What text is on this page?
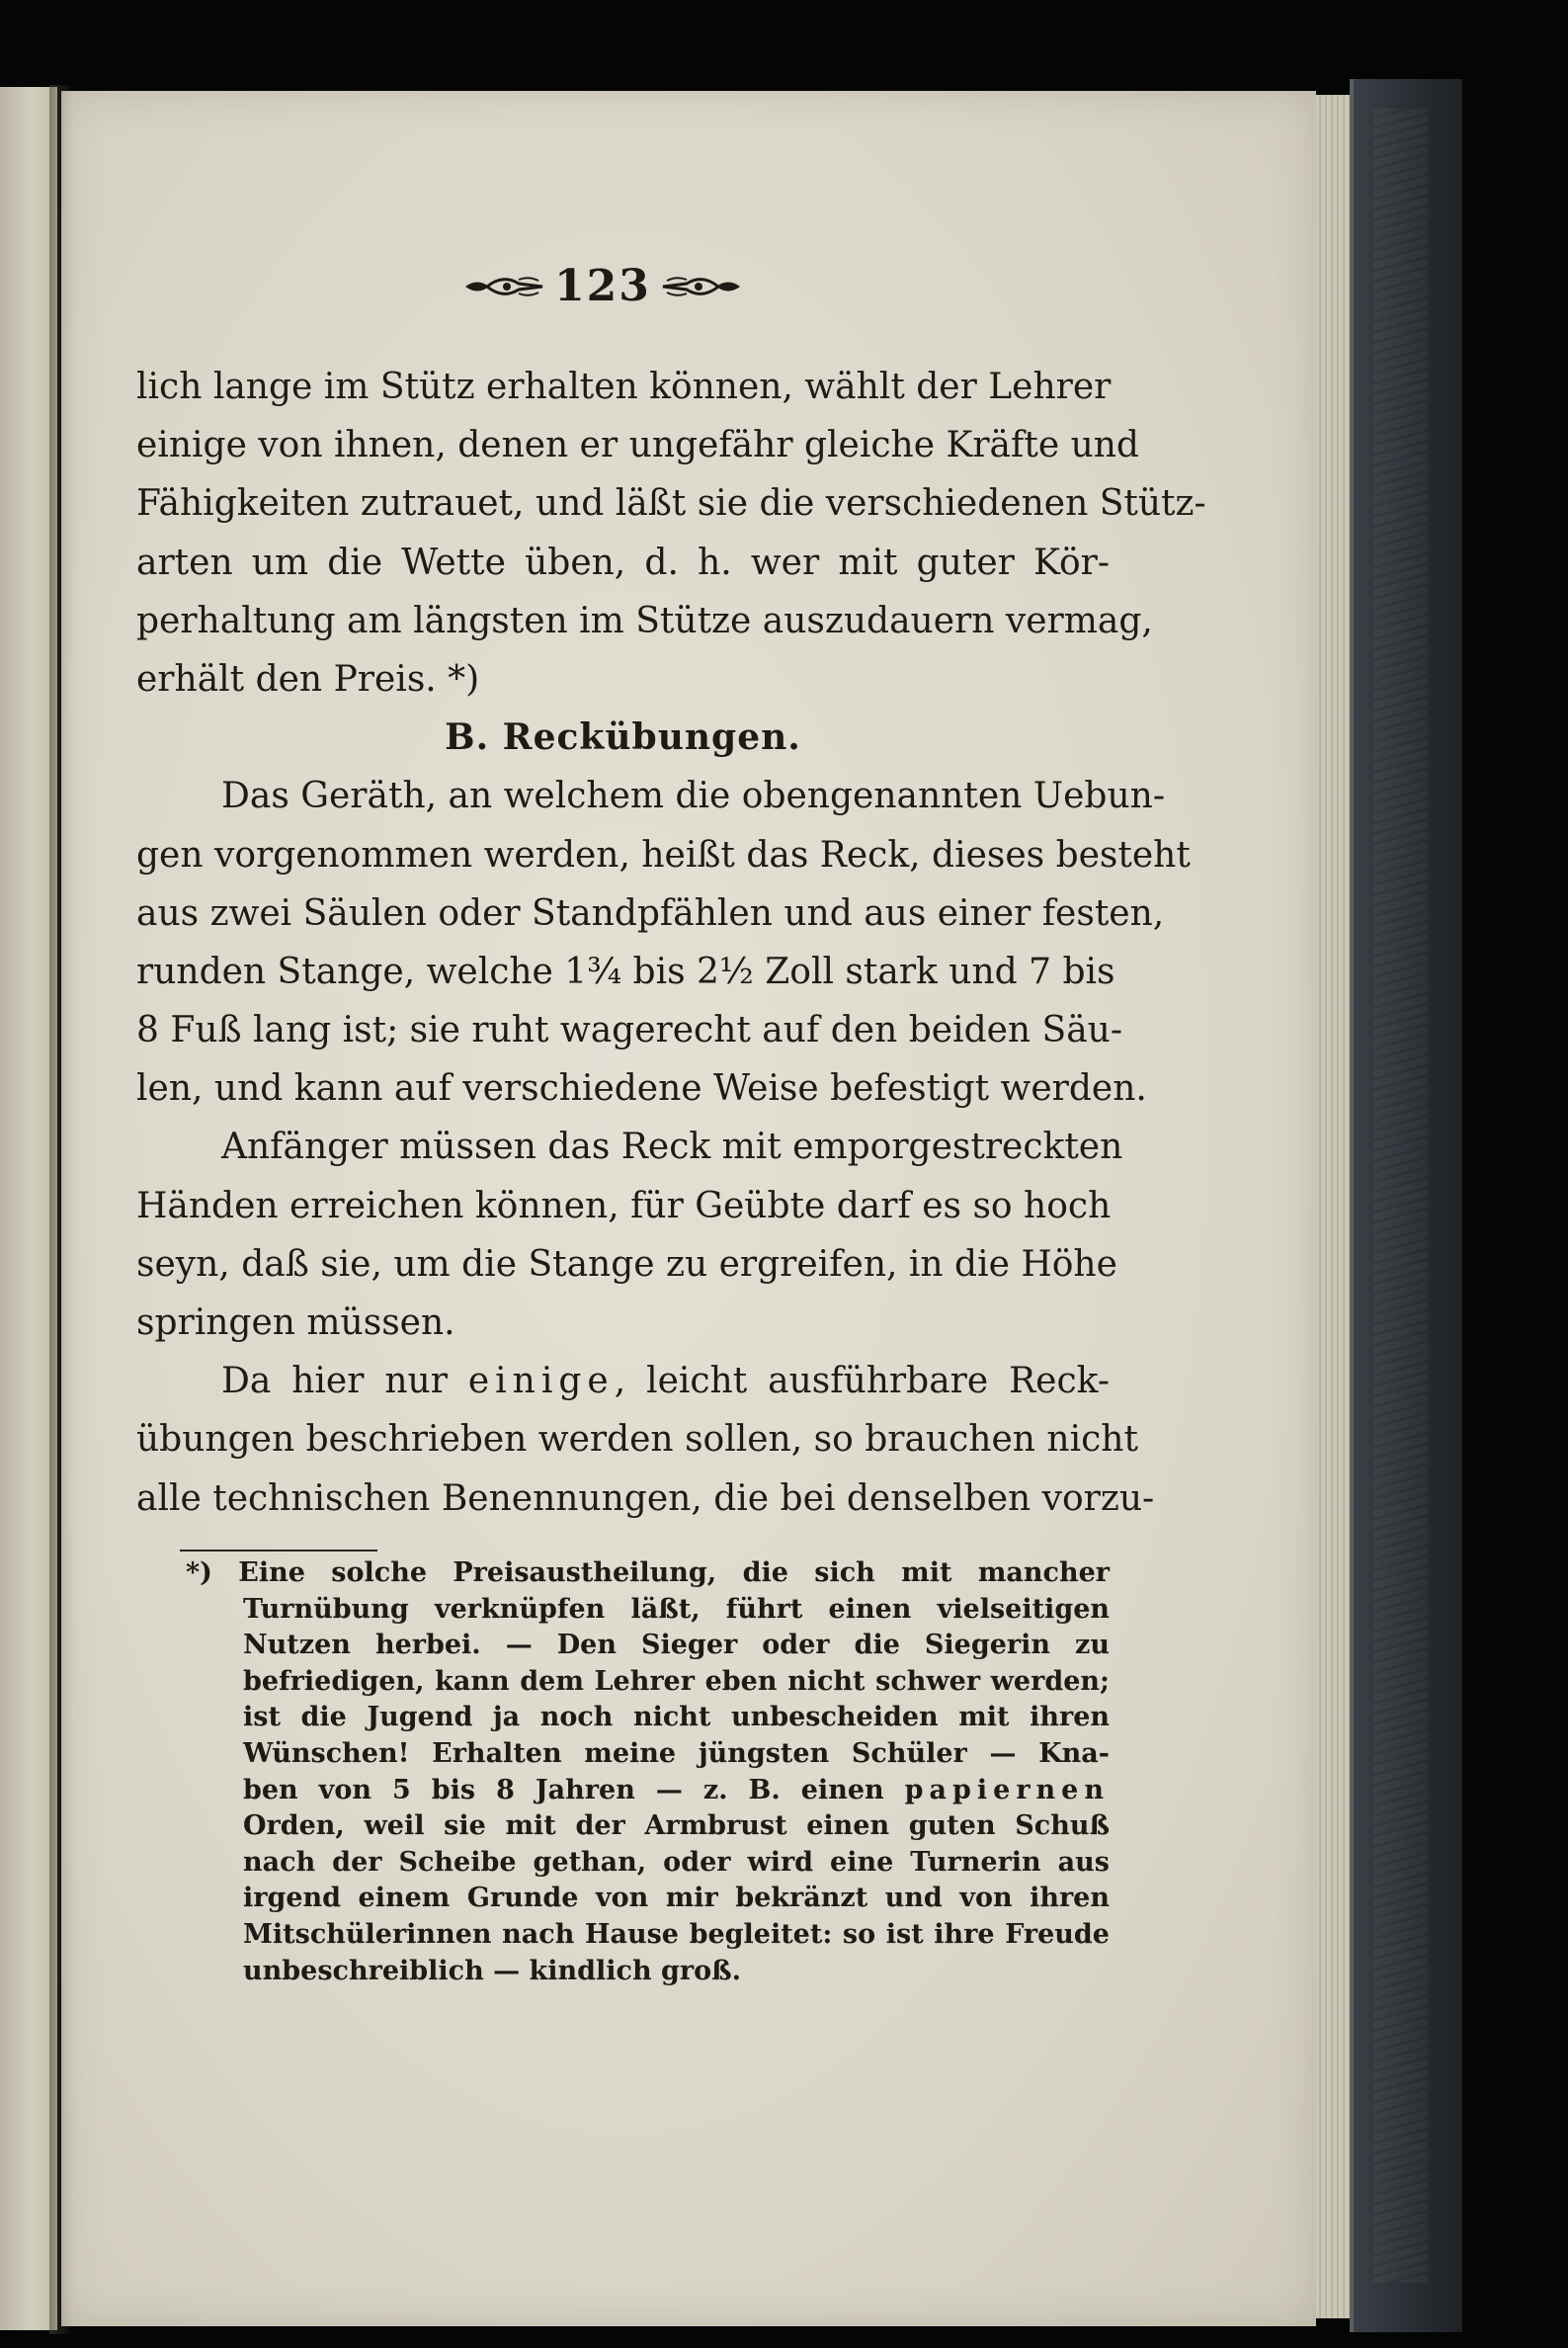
123
lich lange im Stütz erhalten können, wählt der Lehrer
einige von ihnen, denen er ungefähr gleiche Kräfte und
Fähigkeiten zutrauet, und läßt sie die verschiedenen Stütz-
arten um die Wette üben, d. h. wer mit guter Kör-
perhaltung am längsten im Stütze auszudauern vermag,
erhält den Preis. *)
B. Reckübungen.
Das Geräth, an welchem die obengenannten Uebun-
gen vorgenommen werden, heißt das Reck, dieses besteht
aus zwei Säulen oder Standpfählen und aus einer festen,
runden Stange, welche 1¾ bis 2½ Zoll stark und 7 bis
8 Fuß lang ist; sie ruht wagerecht auf den beiden Säu-
len, und kann auf verschiedene Weise befestigt werden.
Anfänger müssen das Reck mit emporgestreckten
Händen erreichen können, für Geübte darf es so hoch
seyn, daß sie, um die Stange zu ergreifen, in die Höhe
springen müssen.
Da hier nur einige, leicht ausführbare Reck-
übungen beschrieben werden sollen, so brauchen nicht
alle technischen Benennungen, die bei denselben vorzu-
*) Eine solche Preisaustheilung, die sich mit mancher
Turnübung verknüpfen läßt, führt einen vielseitigen
Nutzen herbei. — Den Sieger oder die Siegerin zu
befriedigen, kann dem Lehrer eben nicht schwer werden;
ist die Jugend ja noch nicht unbescheiden mit ihren
Wünschen! Erhalten meine jüngsten Schüler — Kna-
ben von 5 bis 8 Jahren — z. B. einen papiernen
Orden, weil sie mit der Armbrust einen guten Schuß
nach der Scheibe gethan, oder wird eine Turnerin aus
irgend einem Grunde von mir bekränzt und von ihren
Mitschülerinnen nach Hause begleitet: so ist ihre Freude
unbeschreiblich — kindlich groß.
